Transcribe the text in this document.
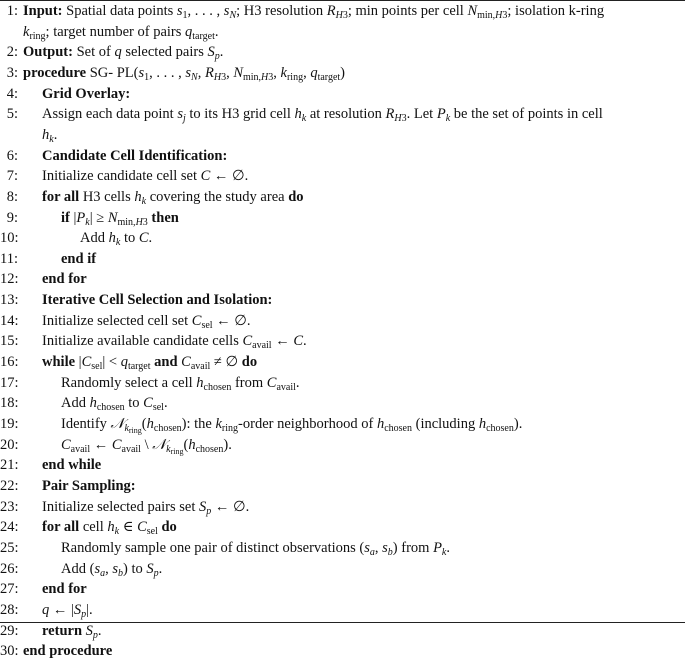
1: Input: Spatial data points $s_1$, . . . , $s_N$; H3 resolution $R_{H3}$; min points per cell $N_{min,H3}$; isolation k-ring
$k_{ring}$; target number of pairs $q_{target}$.
2: Output: Set of q selected pairs $S_p$.
3: procedure SG- $PL(s_1$, . . . , $s_N$, $R_{H3}$, $N_{min,H3}$, $k_{ring}$, $q_{target}$)
4: Grid Overlay:
5: Assign each data point $s_j$ to its H3 grid cell $h_k$ at resolution $R_{H3}$. Let $P_k$ be the set of points in cell
$h_k$.
6: Candidate Cell Identification:
7: Initialize candidate cell set C ← ∅.
8: for all H3 cells $h_k$ covering the study area do
9:	if $|P_k| \ge N_{min,H3}$ then
10:	Add $h_k$ to C.
11:	end if
12: end for
13: Iterative Cell Selection and Isolation:
14: Initialize selected cell set $C_{sel}$ ← ∅.
15: Initialize available candidate cells $C_{avail}$ ← C.
16: while $|C_{sel}| < q_{target}$ and $C_{avail}$ ≠ ∅ do
17:	Randomly select a cell $h_{chosen}$ from $C_{avail}$.
18:	Add $h_{chosen}$ to $C_{sel}$.
19:	Identify $𝒩_{k_{ring}}(h_{chosen})$: the $k_{ring}$-order neighborhood of $h_{chosen}$ (including $h_{chosen}$).
20:	$C_{avail}$ ← $C_{avail}$ \ $𝒩_{k_{ring}}(h_{chosen})$.
21: end while
22: Pair Sampling:
23: Initialize selected pairs set $S_p$ ← ∅.
24: for all cell $h_k$ ∈ $C_{sel}$ do
25:	Randomly sample one pair of distinct observations ($s_a$, $s_b$) from $P_k$.
26:	Add ($s_a$, $s_b$) to $S_p$.
27: end for
28: q ← $|S_p|$.
29: return $S_p$.
30: end procedure
